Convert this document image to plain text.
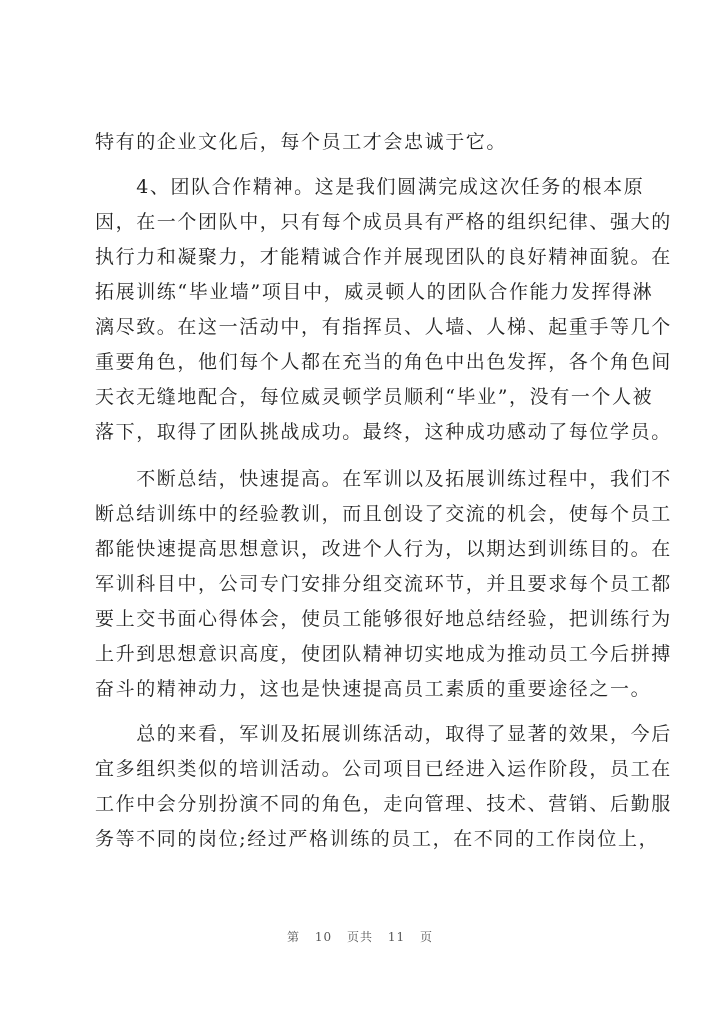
特有的企业文化后，每个员工才会忠诚于它。
　　4、团队合作精神。这是我们圆满完成这次任务的根本原
因，在一个团队中，只有每个成员具有严格的组织纪律、强大的
执行力和凝聚力，才能精诚合作并展现团队的良好精神面貌。在
拓展训练“毕业墙”项目中，威灵顿人的团队合作能力发挥得淋
漓尽致。在这一活动中，有指挥员、人墙、人梯、起重手等几个
重要角色，他们每个人都在充当的角色中出色发挥，各个角色间
天衣无缝地配合，每位威灵顿学员顺利“毕业”，没有一个人被
落下，取得了团队挑战成功。最终，这种成功感动了每位学员。
　　不断总结，快速提高。在军训以及拓展训练过程中，我们不
断总结训练中的经验教训，而且创设了交流的机会，使每个员工
都能快速提高思想意识，改进个人行为，以期达到训练目的。在
军训科目中，公司专门安排分组交流环节，并且要求每个员工都
要上交书面心得体会，使员工能够很好地总结经验，把训练行为
上升到思想意识高度，使团队精神切实地成为推动员工今后拼搏
奋斗的精神动力，这也是快速提高员工素质的重要途径之一。
　　总的来看，军训及拓展训练活动，取得了显著的效果，今后
宜多组织类似的培训活动。公司项目已经进入运作阶段，员工在
工作中会分别扮演不同的角色，走向管理、技术、营销、后勤服
务等不同的岗位;经过严格训练的员工，在不同的工作岗位上，
第 10 页共 11 页
